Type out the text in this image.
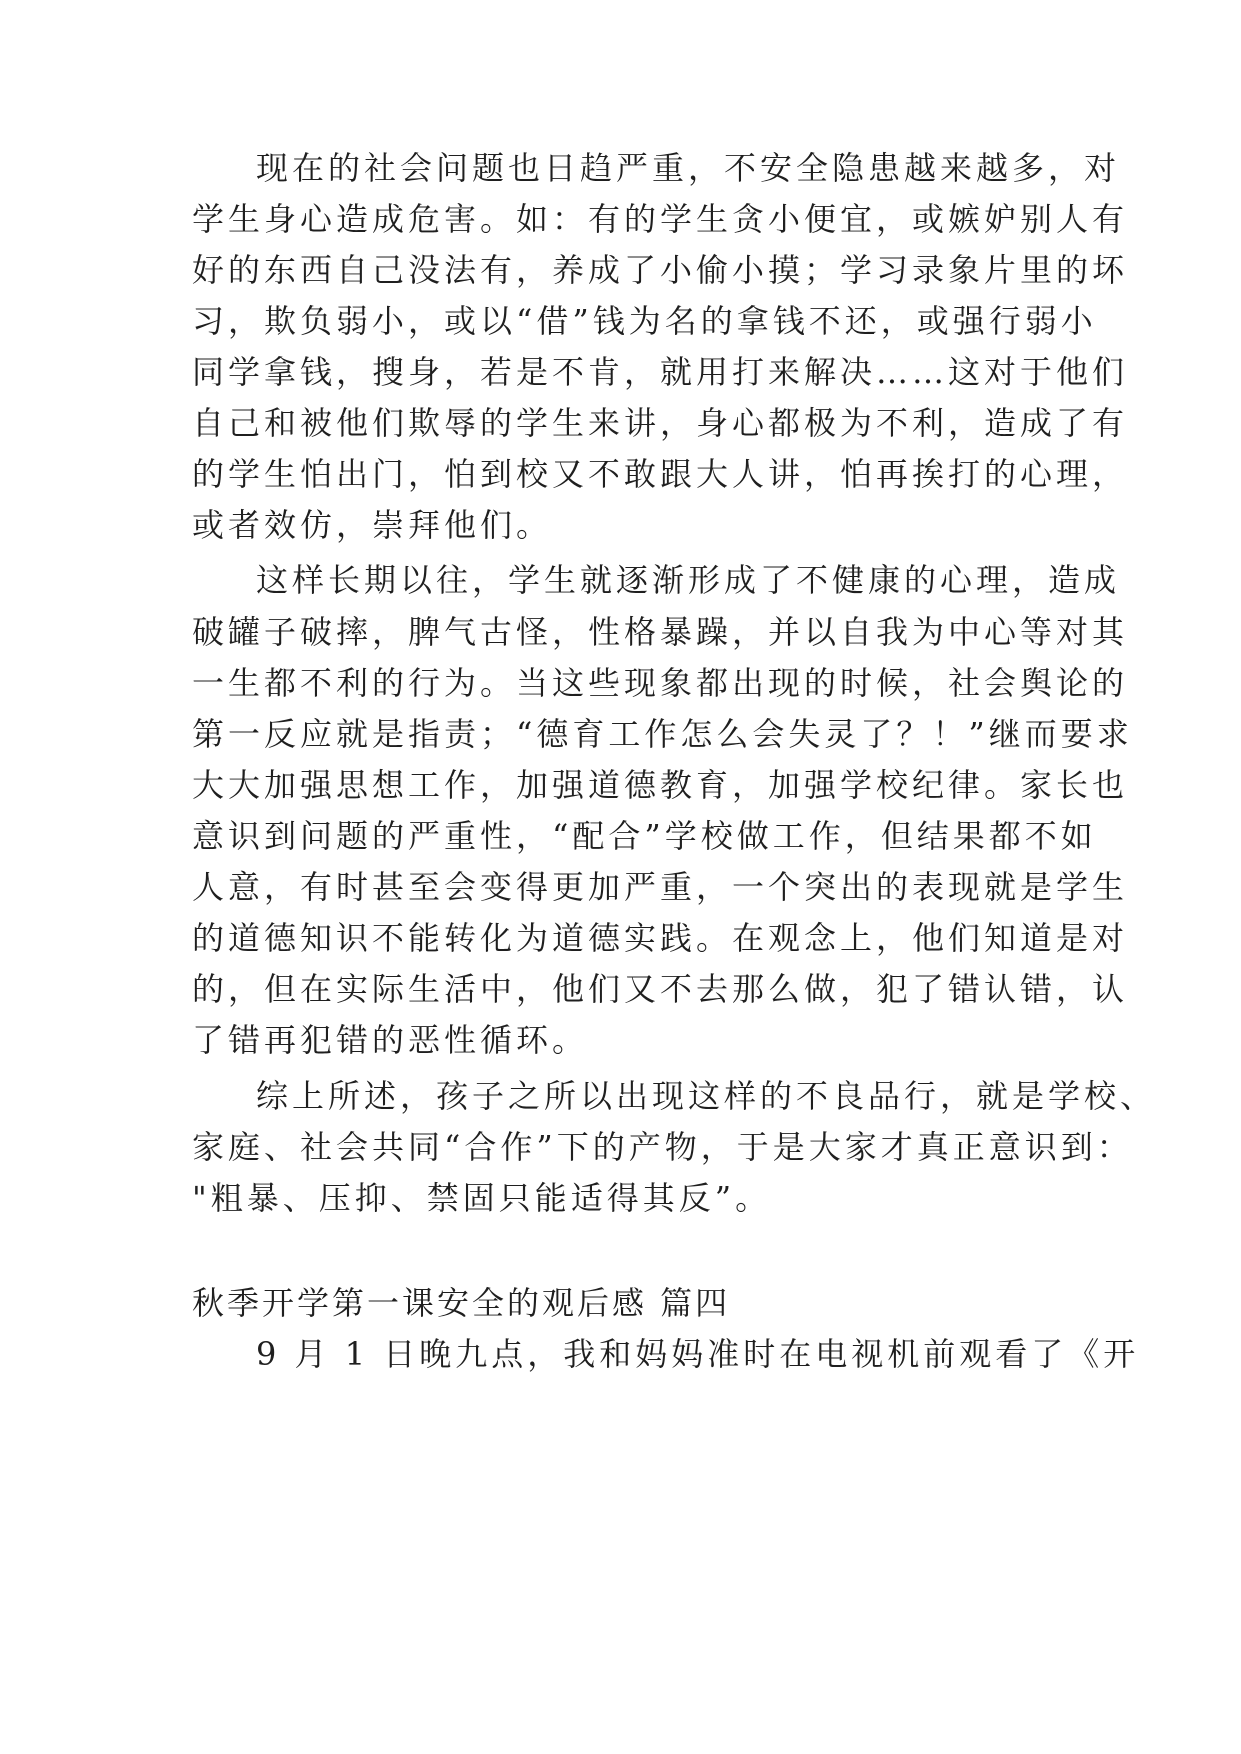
现在的社会问题也日趋严重，不安全隐患越来越多，对
学生身心造成危害。如：有的学生贪小便宜，或嫉妒别人有
好的东西自己没法有，养成了小偷小摸；学习录象片里的坏
习，欺负弱小，或以“借”钱为名的拿钱不还，或强行弱小
同学拿钱，搜身，若是不肯，就用打来解决……这对于他们
自己和被他们欺辱的学生来讲，身心都极为不利，造成了有
的学生怕出门，怕到校又不敢跟大人讲，怕再挨打的心理，
或者效仿，崇拜他们。
这样长期以往，学生就逐渐形成了不健康的心理，造成
破罐子破摔，脾气古怪，性格暴躁，并以自我为中心等对其
一生都不利的行为。当这些现象都出现的时候，社会舆论的
第一反应就是指责；“德育工作怎么会失灵了？！”继而要求
大大加强思想工作，加强道德教育，加强学校纪律。家长也
意识到问题的严重性，“配合”学校做工作，但结果都不如
人意，有时甚至会变得更加严重，一个突出的表现就是学生
的道德知识不能转化为道德实践。在观念上，他们知道是对
的，但在实际生活中，他们又不去那么做，犯了错认错，认
了错再犯错的恶性循环。
综上所述，孩子之所以出现这样的不良品行，就是学校、
家庭、社会共同“合作”下的产物，于是大家才真正意识到：
"粗暴、压抑、禁固只能适得其反”。
秋季开学第一课安全的观后感 篇四
9 月 1 日晚九点，我和妈妈准时在电视机前观看了《开
